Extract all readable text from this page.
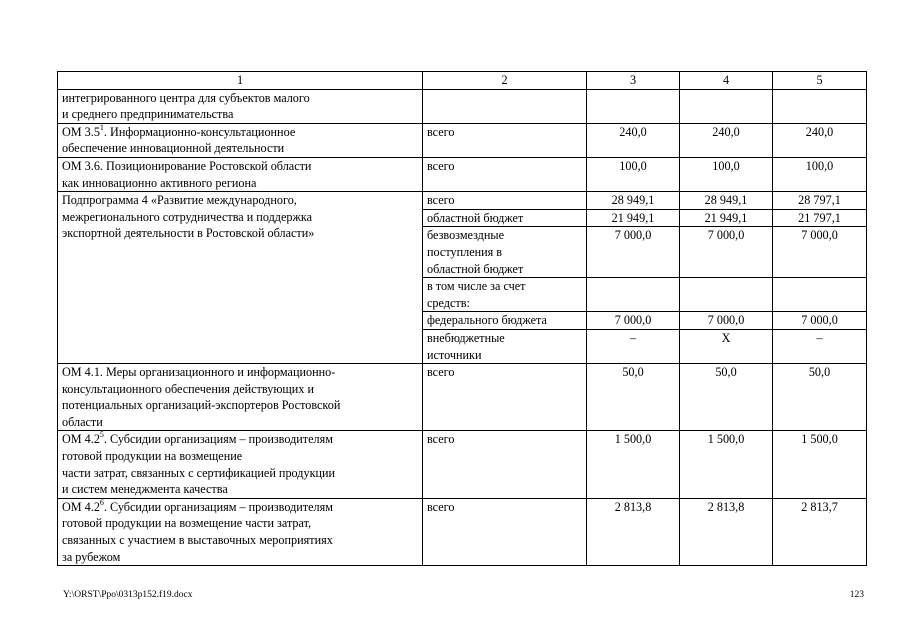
1	2	3	4	5

интегрированного центра для субъектов малого
и среднего предпринимательства				

ОМ $3.5^1$. Информационно-консультационное
обеспечение инновационной деятельности	всего	240,0	240,0	240,0

ОМ 3.6. Позиционирование Ростовской области
как инновационно активного региона	всего	100,0	100,0	100,0

Подпрограмма 4 «Развитие международного,
межрегионального сотрудничества и поддержка
экспортной деятельности в Ростовской области»	всего	28 949,1	28 949,1	28 797,1

	областной бюджет	21 949,1	21 949,1	21 797,1

	безвозмездные
поступления в
областной бюджет	7 000,0	7 000,0	7 000,0

	в том числе за счет
средств:			

	федерального бюджета	7 000,0	7 000,0	7 000,0

	внебюджетные
источники	–	Х	–

ОМ 4.1. Меры организационного и информационно-
консультационного обеспечения действующих и
потенциальных организаций-экспортеров Ростовской
области	всего	50,0	50,0	50,0

ОМ $4.2^5$. Субсидии организациям – производителям
готовой продукции на возмещение
части затрат, связанных с сертификацией продукции
и систем менеджмента качества	всего	1 500,0	1 500,0	1 500,0

ОМ $4.2^6$. Субсидии организациям – производителям
готовой продукции на возмещение части затрат,
связанных с участием в выставочных мероприятиях
за рубежом	всего	2 813,8	2 813,8	2 813,7
Y:\ORST\Ppo\0313p152.f19.docx	123
